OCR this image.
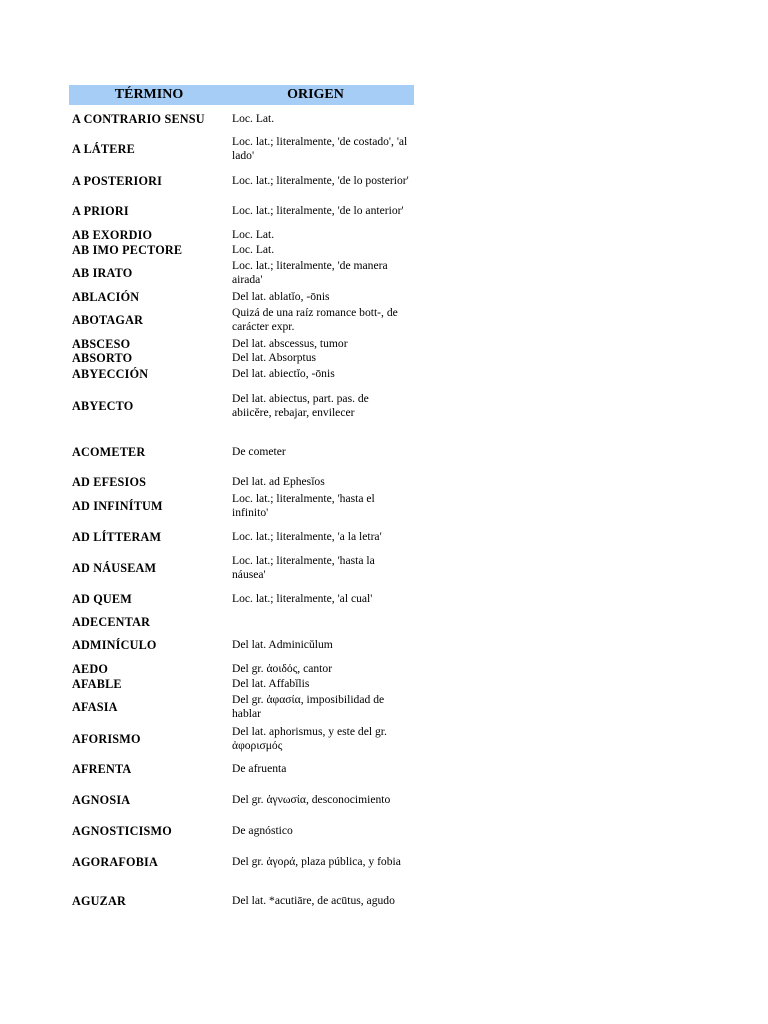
TÉRMINO	ORIGEN
A CONTRARIO SENSU	Loc. Lat.
A LÁTERE	Loc. lat.; literalmente, 'de costado', 'al lado'
A POSTERIORI	Loc. lat.; literalmente, 'de lo posterior'
A PRIORI	Loc. lat.; literalmente, 'de lo anterior'
AB EXORDIO	Loc. Lat.
AB IMO PECTORE	Loc. Lat.
AB IRATO	Loc. lat.; literalmente, 'de manera airada'
ABLACIÓN	Del lat. ablatĭo, -ōnis
ABOTAGAR	Quizá de una raíz romance bott-, de carácter expr.
ABSCESO	Del lat. abscessus, tumor
ABSORTO	Del lat. Absorptus
ABYECCIÓN	Del lat. abiectĭo, -ōnis
ABYECTO	Del lat. abiectus, part. pas. de abiicĕre, rebajar, envilecer
ACOMETER	De cometer
AD EFESIOS	Del lat. ad Ephesĭos
AD INFINÍTUM	Loc. lat.; literalmente, 'hasta el infinito'
AD LÍTTERAM	Loc. lat.; literalmente, 'a la letra'
AD NÁUSEAM	Loc. lat.; literalmente, 'hasta la náusea'
AD QUEM	Loc. lat.; literalmente, 'al cual'
ADECENTAR
ADMINÍCULO	Del lat. Adminicŭlum
AEDO	Del gr. ἀοιδός, cantor
AFABLE	Del lat. Affabĭlis
AFASIA	Del gr. ἀφασία, imposibilidad de hablar
AFORISMO	Del lat. aphorismus, y este del gr. ἀφορισμός
AFRENTA	De afruenta
AGNOSIA	Del gr. ἀγνωσία, desconocimiento
AGNOSTICISMO	De agnóstico
AGORAFOBIA	Del gr. ἀγορά, plaza pública, y fobia
AGUZAR	Del lat. *acutiāre, de acūtus, agudo
